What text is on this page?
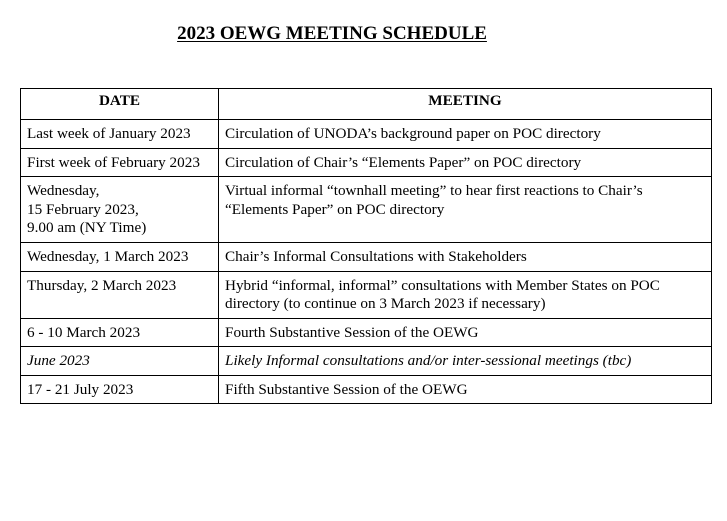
2023 OEWG MEETING SCHEDULE
DATE	MEETING
Last week of January 2023	Circulation of UNODA’s background paper on POC directory
First week of February 2023	Circulation of Chair’s “Elements Paper” on POC directory
Wednesday,
15 February 2023,
9.00 am (NY Time)	Virtual informal “townhall meeting” to hear first reactions to Chair’s
“Elements Paper” on POC directory
Wednesday, 1 March 2023	Chair’s Informal Consultations with Stakeholders
Thursday, 2 March 2023	Hybrid “informal, informal” consultations with Member States on POC
directory (to continue on 3 March 2023 if necessary)
6 - 10 March 2023	Fourth Substantive Session of the OEWG
June 2023	Likely Informal consultations and/or inter-sessional meetings (tbc)
17 - 21 July 2023	Fifth Substantive Session of the OEWG
